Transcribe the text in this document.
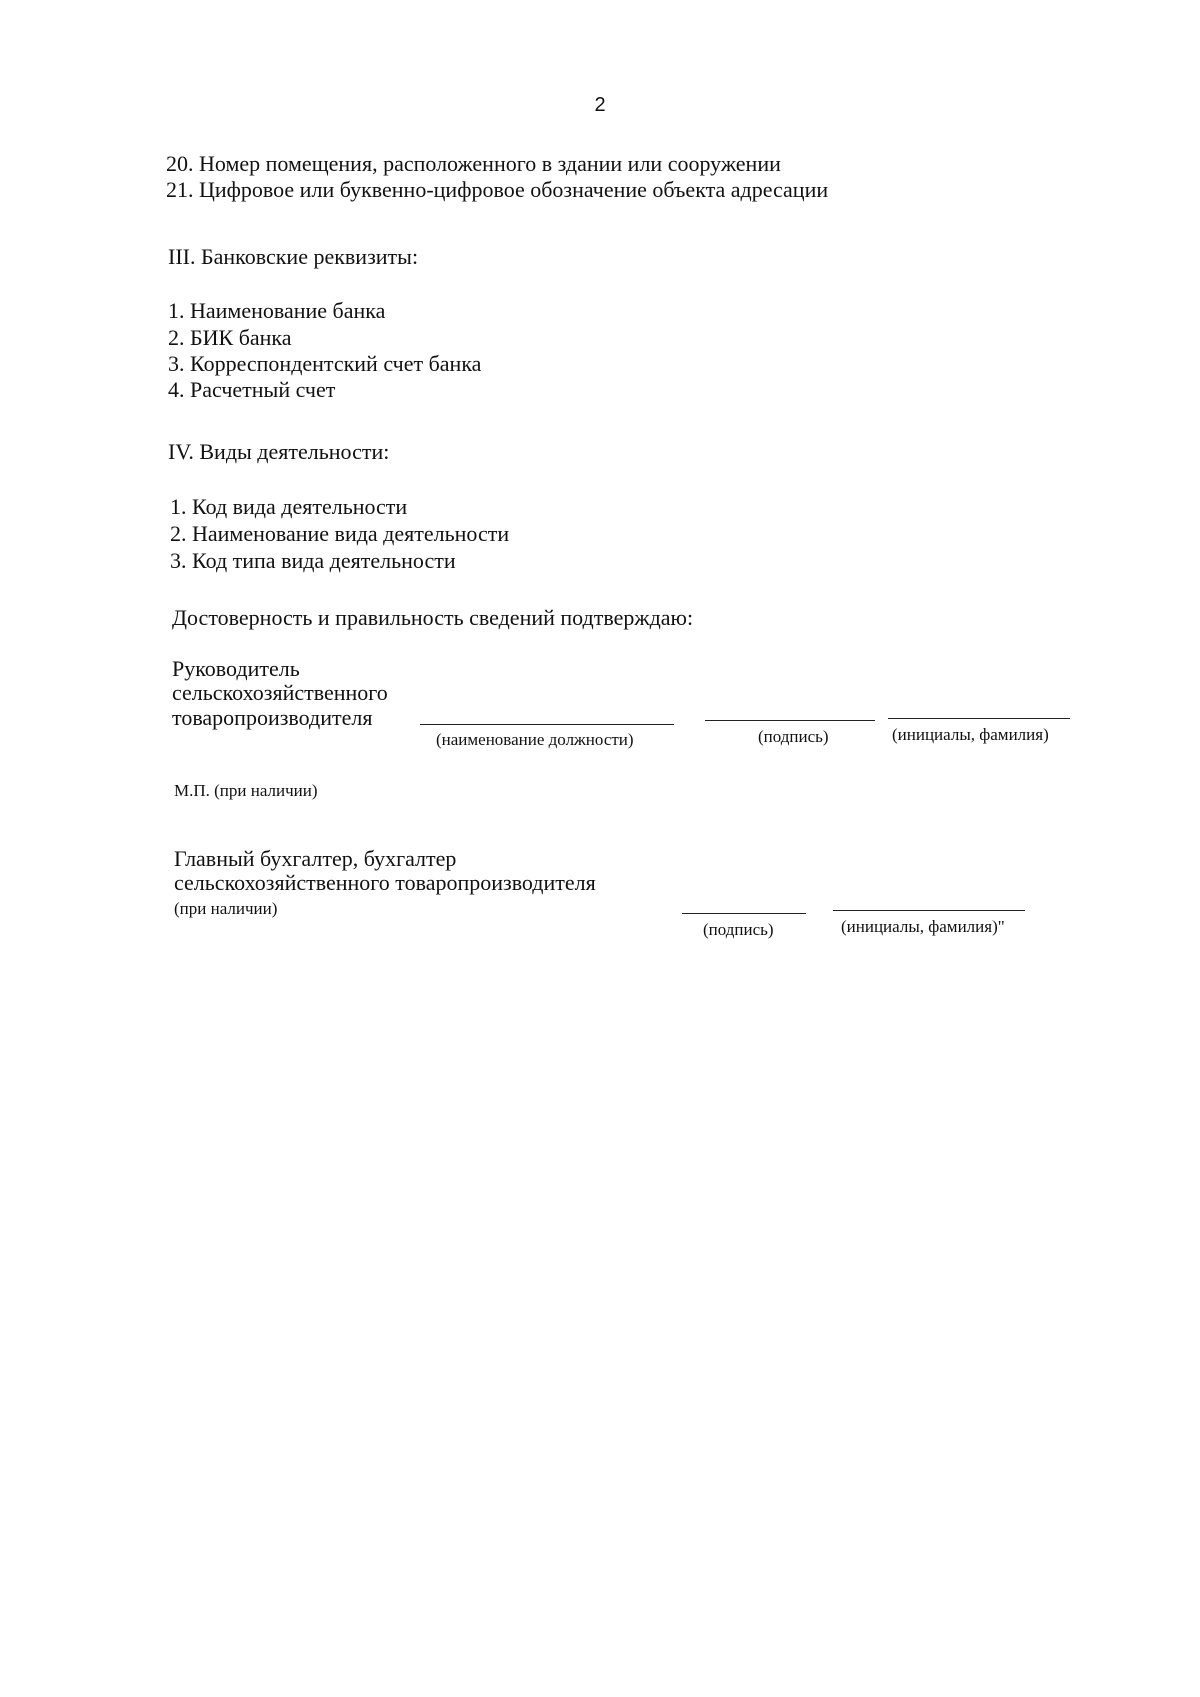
2
20. Номер помещения, расположенного в здании или сооружении
21. Цифровое или буквенно-цифровое обозначение объекта адресации
III. Банковские реквизиты:
1. Наименование банка
2. БИК банка
3. Корреспондентский счет банка
4. Расчетный счет
IV. Виды деятельности:
1. Код вида деятельности
2. Наименование вида деятельности
3. Код типа вида деятельности
Достоверность и правильность сведений подтверждаю:
Руководитель
сельскохозяйственного
товаропроизводителя
(наименование должности)	(подпись)	(инициалы, фамилия)
М.П. (при наличии)
Главный бухгалтер, бухгалтер
сельскохозяйственного товаропроизводителя
(при наличии)
(подпись)	(инициалы, фамилия)"
